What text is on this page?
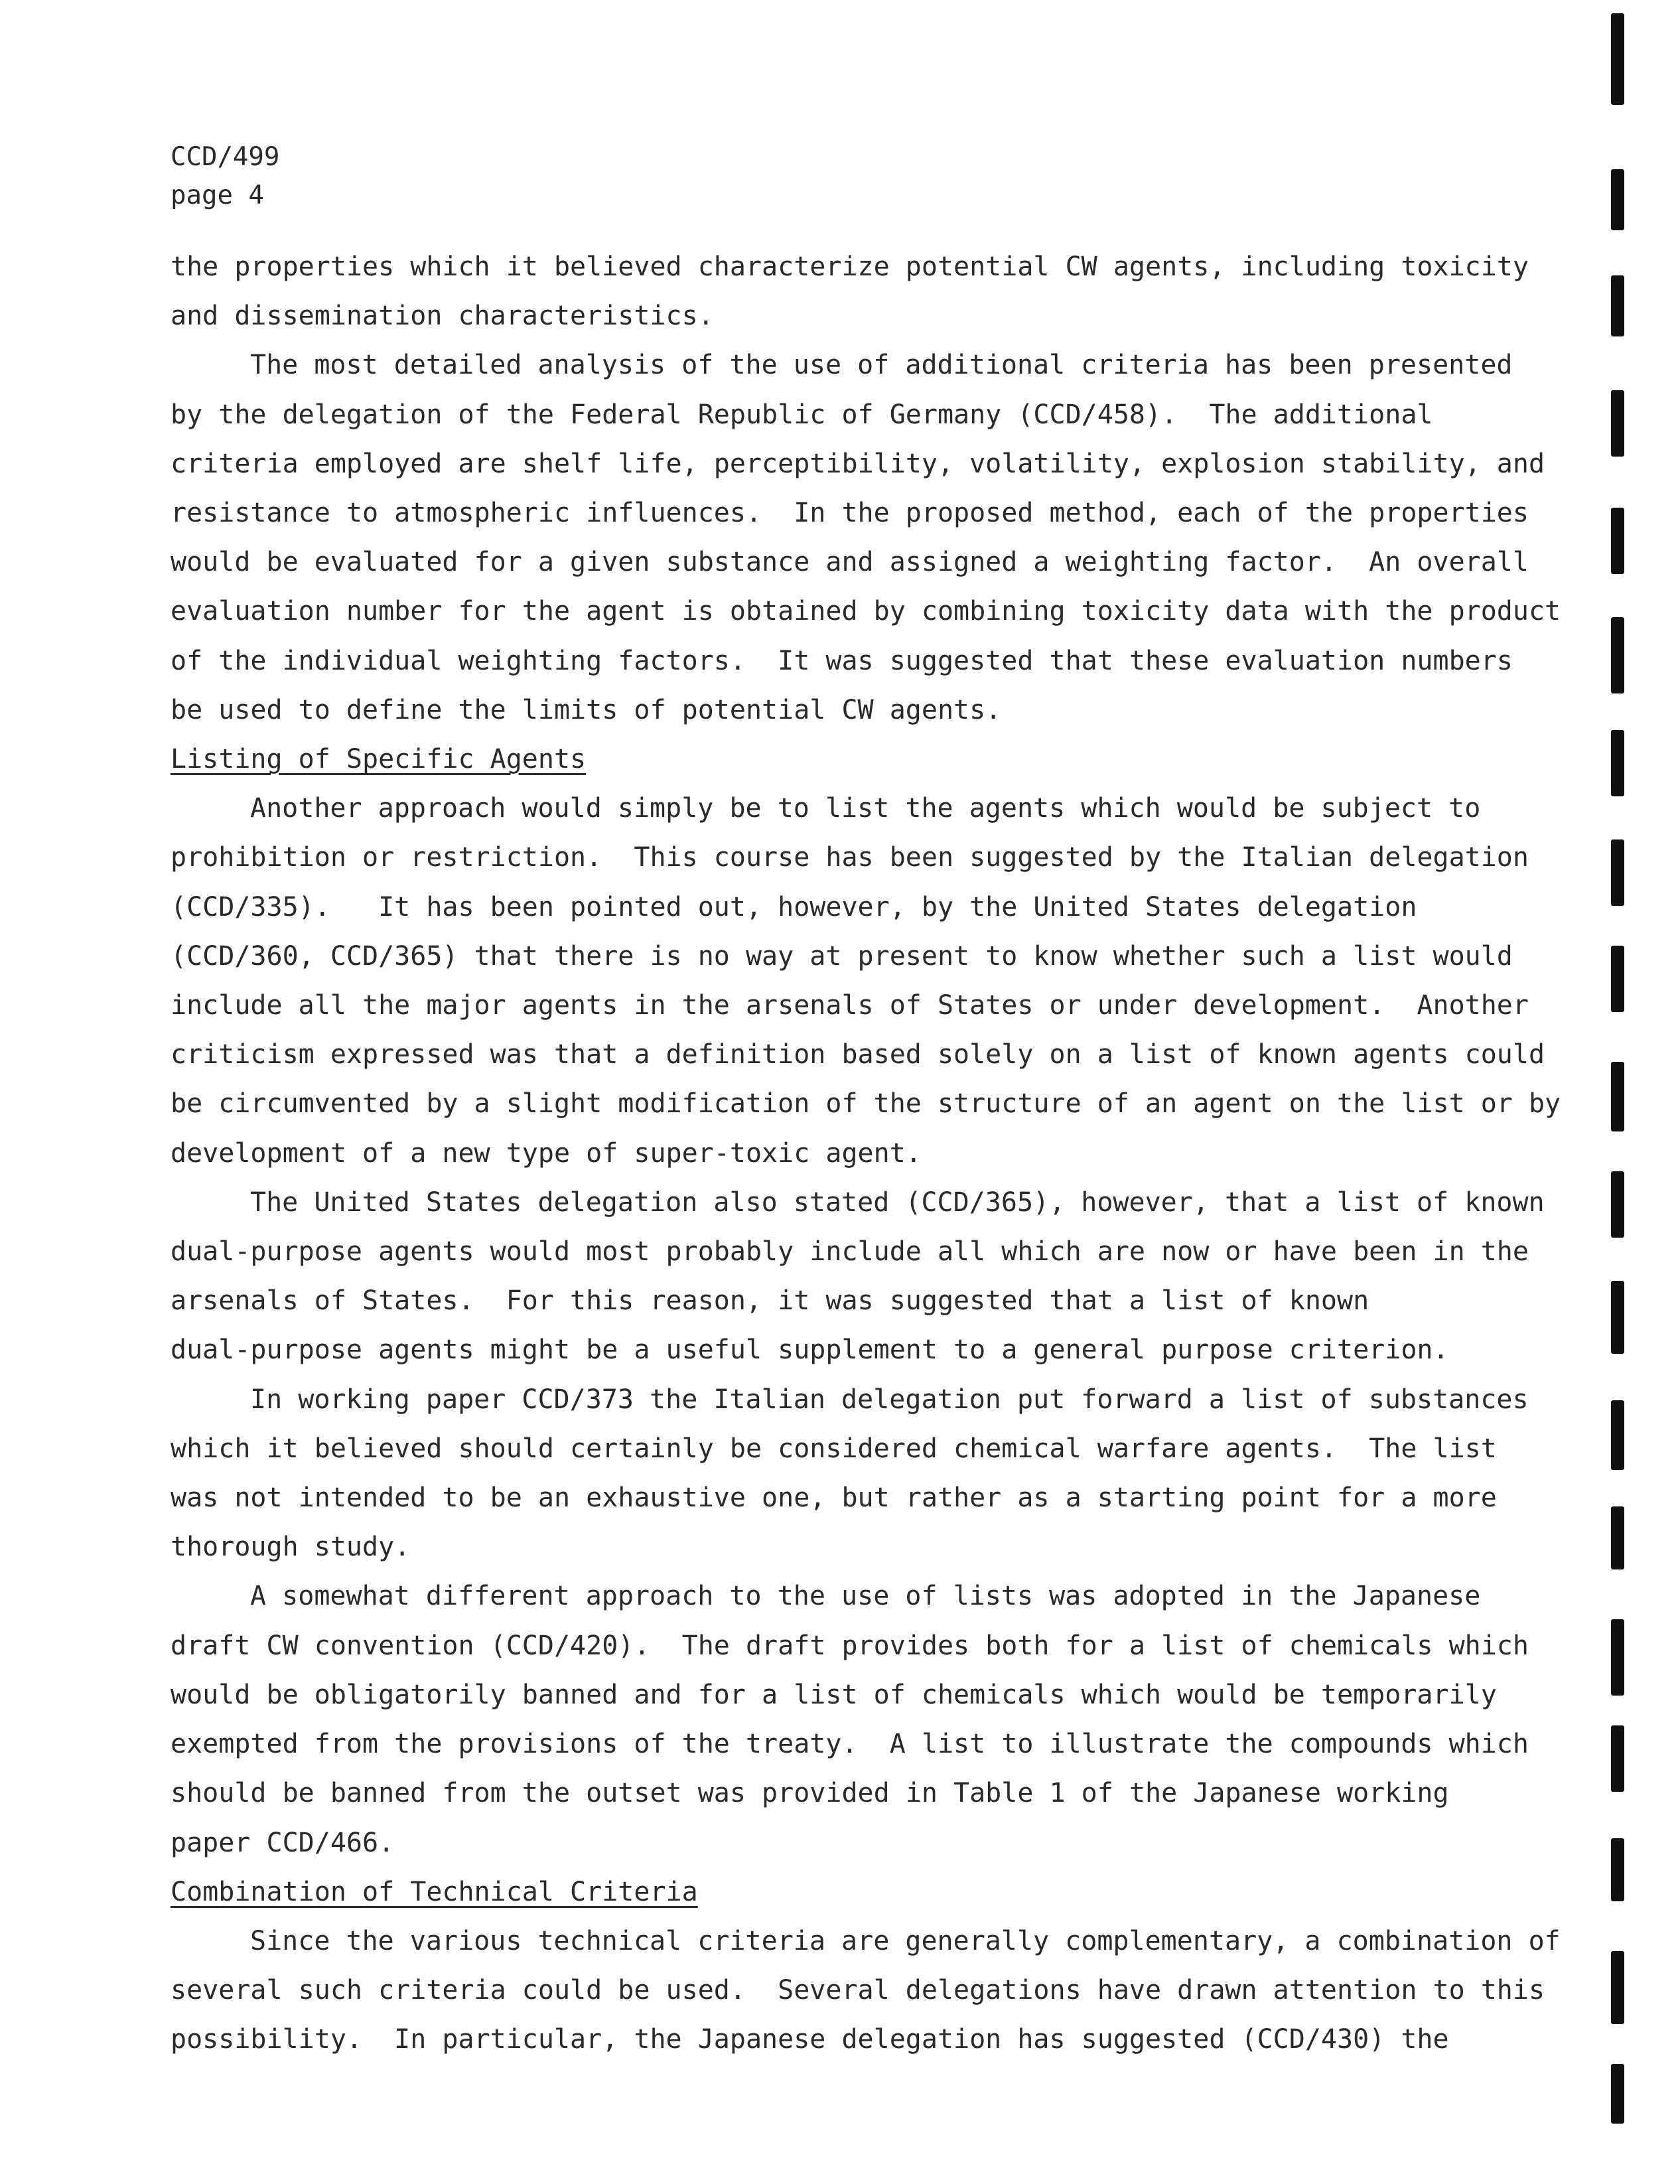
CCD/499
page 4
the properties which it believed characterize potential CW agents, including toxicity
and dissemination characteristics.
The most detailed analysis of the use of additional criteria has been presented
by the delegation of the Federal Republic of Germany (CCD/458).  The additional
criteria employed are shelf life, perceptibility, volatility, explosion stability, and
resistance to atmospheric influences.  In the proposed method, each of the properties
would be evaluated for a given substance and assigned a weighting factor.  An overall
evaluation number for the agent is obtained by combining toxicity data with the product
of the individual weighting factors.  It was suggested that these evaluation numbers
be used to define the limits of potential CW agents.
Listing of Specific Agents
Another approach would simply be to list the agents which would be subject to
prohibition or restriction.  This course has been suggested by the Italian delegation
(CCD/335).   It has been pointed out, however, by the United States delegation
(CCD/360, CCD/365) that there is no way at present to know whether such a list would
include all the major agents in the arsenals of States or under development.  Another
criticism expressed was that a definition based solely on a list of known agents could
be circumvented by a slight modification of the structure of an agent on the list or by
development of a new type of super-toxic agent.
The United States delegation also stated (CCD/365), however, that a list of known
dual-purpose agents would most probably include all which are now or have been in the
arsenals of States.  For this reason, it was suggested that a list of known
dual-purpose agents might be a useful supplement to a general purpose criterion.
In working paper CCD/373 the Italian delegation put forward a list of substances
which it believed should certainly be considered chemical warfare agents.  The list
was not intended to be an exhaustive one, but rather as a starting point for a more
thorough study.
A somewhat different approach to the use of lists was adopted in the Japanese
draft CW convention (CCD/420).  The draft provides both for a list of chemicals which
would be obligatorily banned and for a list of chemicals which would be temporarily
exempted from the provisions of the treaty.  A list to illustrate the compounds which
should be banned from the outset was provided in Table 1 of the Japanese working
paper CCD/466.
Combination of Technical Criteria
Since the various technical criteria are generally complementary, a combination of
several such criteria could be used.  Several delegations have drawn attention to this
possibility.  In particular, the Japanese delegation has suggested (CCD/430) the
